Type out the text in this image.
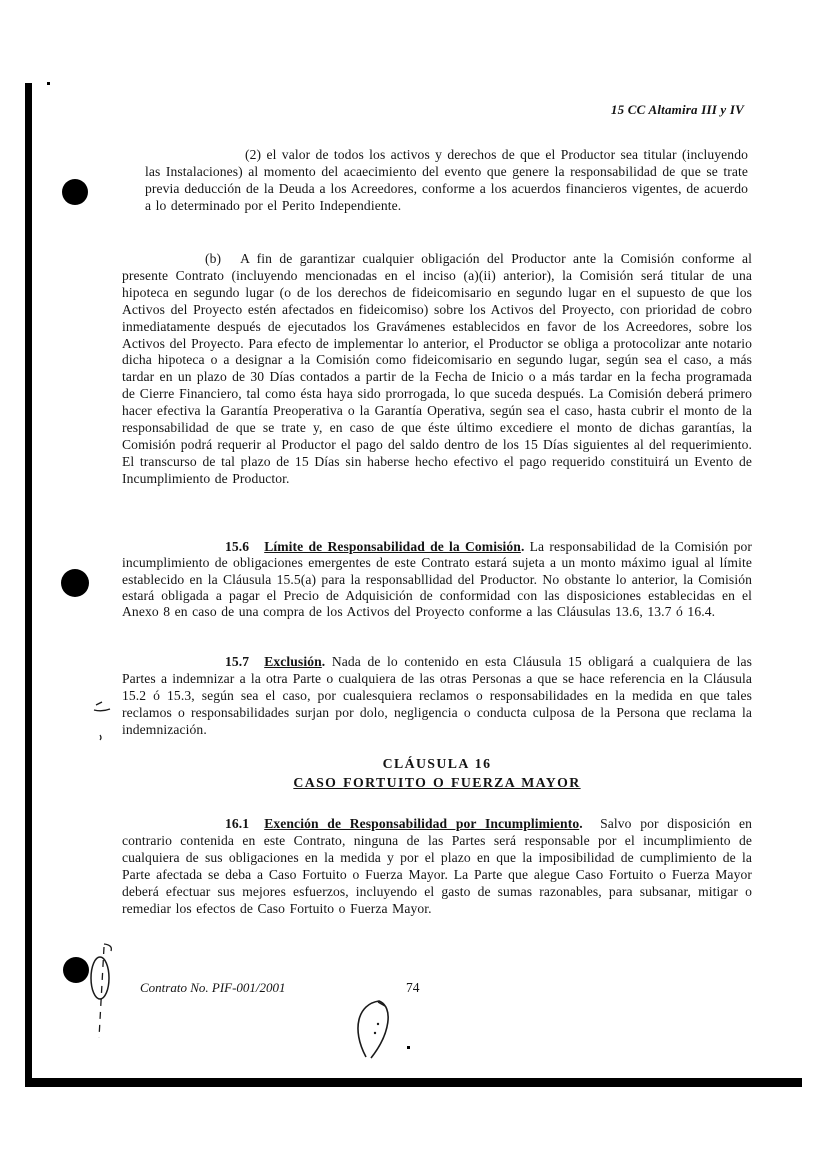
15 CC Altamira III y IV
(2) el valor de todos los activos y derechos de que el Productor sea titular (incluyendo las Instalaciones) al momento del acaecimiento del evento que genere la responsabilidad de que se trate previa deducción de la Deuda a los Acreedores, conforme a los acuerdos financieros vigentes, de acuerdo a lo determinado por el Perito Independiente.
(b) A fin de garantizar cualquier obligación del Productor ante la Comisión conforme al presente Contrato (incluyendo mencionadas en el inciso (a)(ii) anterior), la Comisión será titular de una hipoteca en segundo lugar (o de los derechos de fideicomisario en segundo lugar en el supuesto de que los Activos del Proyecto estén afectados en fideicomiso) sobre los Activos del Proyecto, con prioridad de cobro inmediatamente después de ejecutados los Gravámenes establecidos en favor de los Acreedores, sobre los Activos del Proyecto. Para efecto de implementar lo anterior, el Productor se obliga a protocolizar ante notario dicha hipoteca o a designar a la Comisión como fideicomisario en segundo lugar, según sea el caso, a más tardar en un plazo de 30 Días contados a partir de la Fecha de Inicio o a más tardar en la fecha programada de Cierre Financiero, tal como ésta haya sido prorrogada, lo que suceda después. La Comisión deberá primero hacer efectiva la Garantía Preoperativa o la Garantía Operativa, según sea el caso, hasta cubrir el monto de la responsabilidad de que se trate y, en caso de que éste último excediere el monto de dichas garantías, la Comisión podrá requerir al Productor el pago del saldo dentro de los 15 Días siguientes al del requerimiento. El transcurso de tal plazo de 15 Días sin haberse hecho efectivo el pago requerido constituirá un Evento de Incumplimiento de Productor.
15.6 Límite de Responsabilidad de la Comisión. La responsabilidad de la Comisión por incumplimiento de obligaciones emergentes de este Contrato estará sujeta a un monto máximo igual al límite establecido en la Cláusula 15.5(a) para la responsabllidad del Productor. No obstante lo anterior, la Comisión estará obligada a pagar el Precio de Adquisición de conformidad con las disposiciones establecidas en el Anexo 8 en caso de una compra de los Activos del Proyecto conforme a las Cláusulas 13.6, 13.7 ó 16.4.
15.7 Exclusión. Nada de lo contenido en esta Cláusula 15 obligará a cualquiera de las Partes a indemnizar a la otra Parte o cualquiera de las otras Personas a que se hace referencia en la Cláusula 15.2 ó 15.3, según sea el caso, por cualesquiera reclamos o responsabilidades en la medida en que tales reclamos o responsabilidades surjan por dolo, negligencia o conducta culposa de la Persona que reclama la indemnización.
CLÁUSULA 16
CASO FORTUITO O FUERZA MAYOR
16.1 Exención de Responsabilidad por Incumplimiento. Salvo por disposición en contrario contenida en este Contrato, ninguna de las Partes será responsable por el incumplimiento de cualquiera de sus obligaciones en la medida y por el plazo en que la imposibilidad de cumplimiento de la Parte afectada se deba a Caso Fortuito o Fuerza Mayor. La Parte que alegue Caso Fortuito o Fuerza Mayor deberá efectuar sus mejores esfuerzos, incluyendo el gasto de sumas razonables, para subsanar, mitigar o remediar los efectos de Caso Fortuito o Fuerza Mayor.
Contrato No. PIF-001/2001	74
